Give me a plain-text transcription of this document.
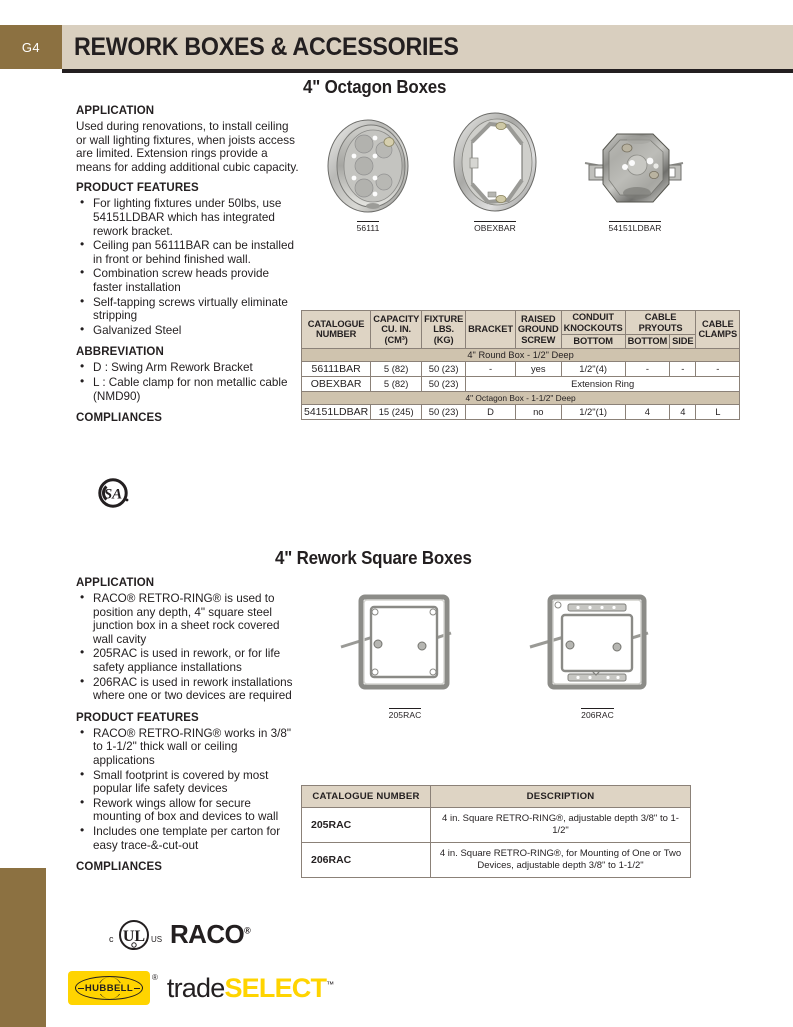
G4 REWORK BOXES & ACCESSORIES
4" Octagon Boxes
APPLICATION
Used during renovations, to install ceiling or wall lighting fixtures, when joists access are limited. Extension rings provide a means for adding additional cubic capacity.
PRODUCT FEATURES
• For lighting fixtures under 50lbs, use 54151LDBAR which has integrated rework bracket.
• Ceiling pan 56111BAR can be installed in front or behind finished wall.
• Combination screw heads provide faster installation
• Self-tapping screws virtually eliminate stripping
• Galvanized Steel
ABBREVIATION
• D : Swing Arm Rework Bracket
• L : Cable clamp for non metallic cable (NMD90)
COMPLIANCES
SA
56111	OBEXBAR	54151LDBAR
CATALOGUE NUMBER	CAPACITY CU. IN. (CM³)	FIXTURE LBS. (KG)	BRACKET	RAISED GROUND SCREW	CONDUIT KNOCKOUTS	CABLE PRYOUTS		CABLE CLAMPS
					BOTTOM	BOTTOM	SIDE	
4" Round Box - 1/2" Deep								
56111BAR	5 (82)	50 (23)	-	yes	1/2"(4)	-	-	-
OBEXBAR	5 (82)	50 (23)	Extension Ring					
4" Octagon Box - 1-1/2" Deep								
54151LDBAR	15 (245)	50 (23)	D	no	1/2"(1)	4	4	L
4" Rework Square Boxes
APPLICATION
• RACO® RETRO-RING® is used to position any depth, 4" square steel junction box in a sheet rock covered wall cavity
• 205RAC is used in rework, or for life safety appliance installations
• 206RAC is used in rework installations where one or two devices are required
PRODUCT FEATURES
• RACO® RETRO-RING® works in 3/8" to 1-1/2" thick wall or ceiling applications
• Small footprint is covered by most popular life safety devices
• Rework wings allow for secure mounting of box and devices to wall
• Includes one template per carton for easy trace-&-cut-out
COMPLIANCES
c UL US RACO®
205RAC	206RAC
CATALOGUE NUMBER	DESCRIPTION
205RAC	4 in. Square RETRO-RING®, adjustable depth 3/8" to 1-1/2"
206RAC	4 in. Square RETRO-RING®, for Mounting of One or Two Devices, adjustable depth 3/8" to 1-1/2"
HUBBELL
® tradeSELECT™
